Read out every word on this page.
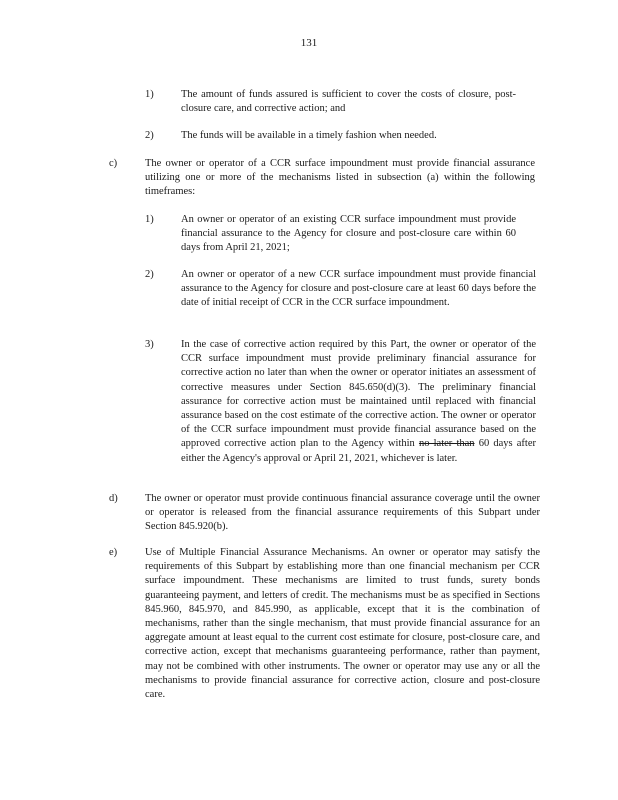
131
1)	The amount of funds assured is sufficient to cover the costs of closure, post-closure care, and corrective action; and
2)	The funds will be available in a timely fashion when needed.
c)	The owner or operator of a CCR surface impoundment must provide financial assurance utilizing one or more of the mechanisms listed in subsection (a) within the following timeframes:
1)	An owner or operator of an existing CCR surface impoundment must provide financial assurance to the Agency for closure and post-closure care within 60 days from April 21, 2021;
2)	An owner or operator of a new CCR surface impoundment must provide financial assurance to the Agency for closure and post-closure care at least 60 days before the date of initial receipt of CCR in the CCR surface impoundment.
3)	In the case of corrective action required by this Part, the owner or operator of the CCR surface impoundment must provide preliminary financial assurance for corrective action no later than when the owner or operator initiates an assessment of corrective measures under Section 845.650(d)(3). The preliminary financial assurance for corrective action must be maintained until replaced with financial assurance based on the cost estimate of the corrective action. The owner or operator of the CCR surface impoundment must provide financial assurance based on the approved corrective action plan to the Agency within no later than 60 days after either the Agency's approval or April 21, 2021, whichever is later.
d)	The owner or operator must provide continuous financial assurance coverage until the owner or operator is released from the financial assurance requirements of this Subpart under Section 845.920(b).
e)	Use of Multiple Financial Assurance Mechanisms. An owner or operator may satisfy the requirements of this Subpart by establishing more than one financial mechanism per CCR surface impoundment. These mechanisms are limited to trust funds, surety bonds guaranteeing payment, and letters of credit. The mechanisms must be as specified in Sections 845.960, 845.970, and 845.990, as applicable, except that it is the combination of mechanisms, rather than the single mechanism, that must provide financial assurance for an aggregate amount at least equal to the current cost estimate for closure, post-closure care, and corrective action, except that mechanisms guaranteeing performance, rather than payment, may not be combined with other instruments. The owner or operator may use any or all the mechanisms to provide financial assurance for corrective action, closure and post-closure care.
